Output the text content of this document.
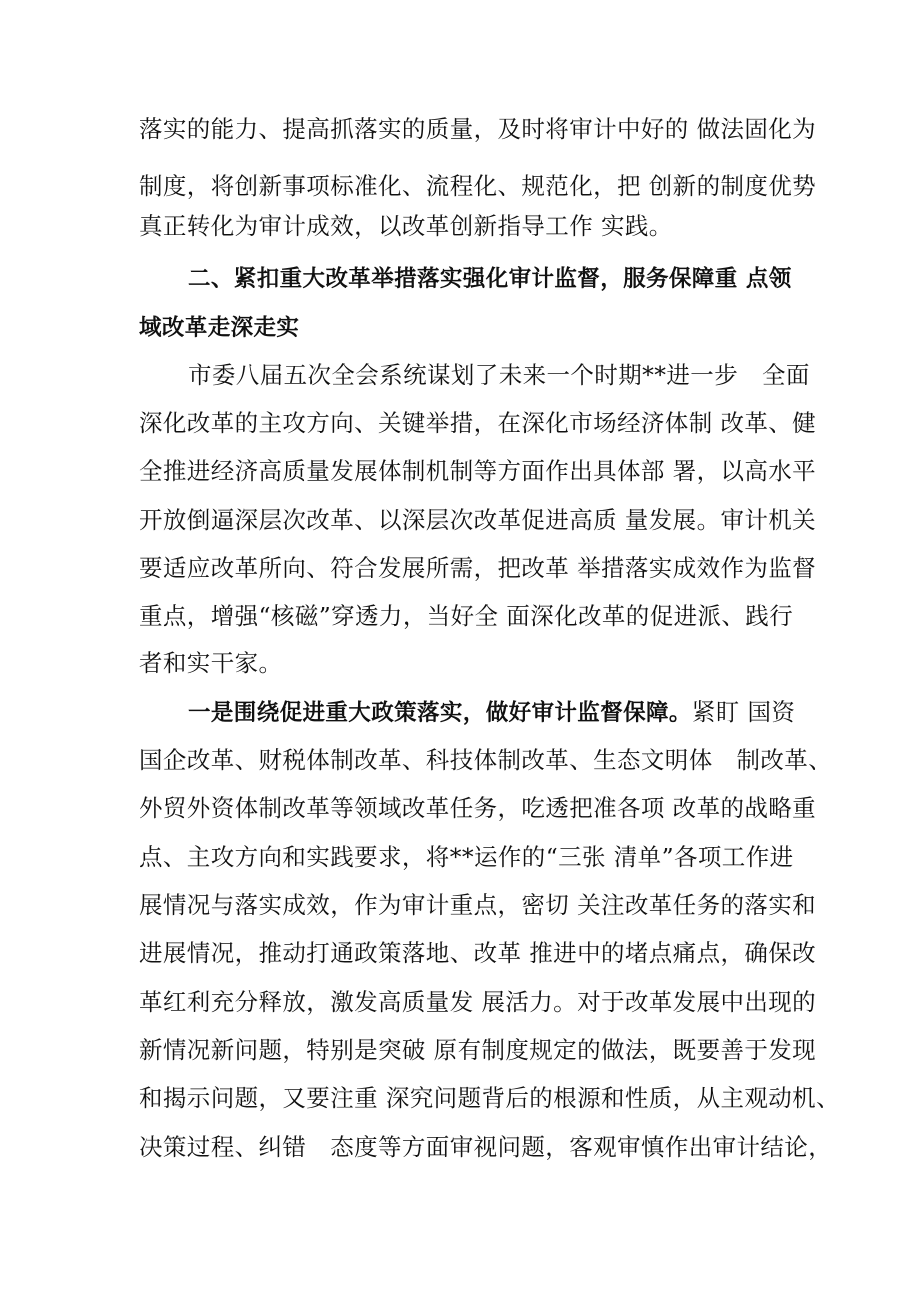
落实的能力、提高抓落实的质量，及时将审计中好的 做法固化为
制度，将创新事项标准化、流程化、规范化，把 创新的制度优势
真正转化为审计成效，以改革创新指导工作 实践。
二、紧扣重大改革举措落实强化审计监督，服务保障重 点领
域改革走深走实
市委八届五次全会系统谋划了未来一个时期**进一步　全面
深化改革的主攻方向、关键举措，在深化市场经济体制 改革、健
全推进经济高质量发展体制机制等方面作出具体部 署，以高水平
开放倒逼深层次改革、以深层次改革促进高质 量发展。审计机关
要适应改革所向、符合发展所需，把改革 举措落实成效作为监督
重点，增强“核磁”穿透力，当好全 面深化改革的促进派、践行
者和实干家。
一是围绕促进重大政策落实，做好审计监督保障。紧盯 国资
国企改革、财税体制改革、科技体制改革、生态文明体　制改革、
外贸外资体制改革等领域改革任务，吃透把准各项 改革的战略重
点、主攻方向和实践要求，将**运作的“三张 清单”各项工作进
展情况与落实成效，作为审计重点，密切 关注改革任务的落实和
进展情况，推动打通政策落地、改革 推进中的堵点痛点，确保改
革红利充分释放，激发高质量发 展活力。对于改革发展中出现的
新情况新问题，特别是突破 原有制度规定的做法，既要善于发现
和揭示问题，又要注重 深究问题背后的根源和性质，从主观动机、
决策过程、纠错　态度等方面审视问题，客观审慎作出审计结论，
